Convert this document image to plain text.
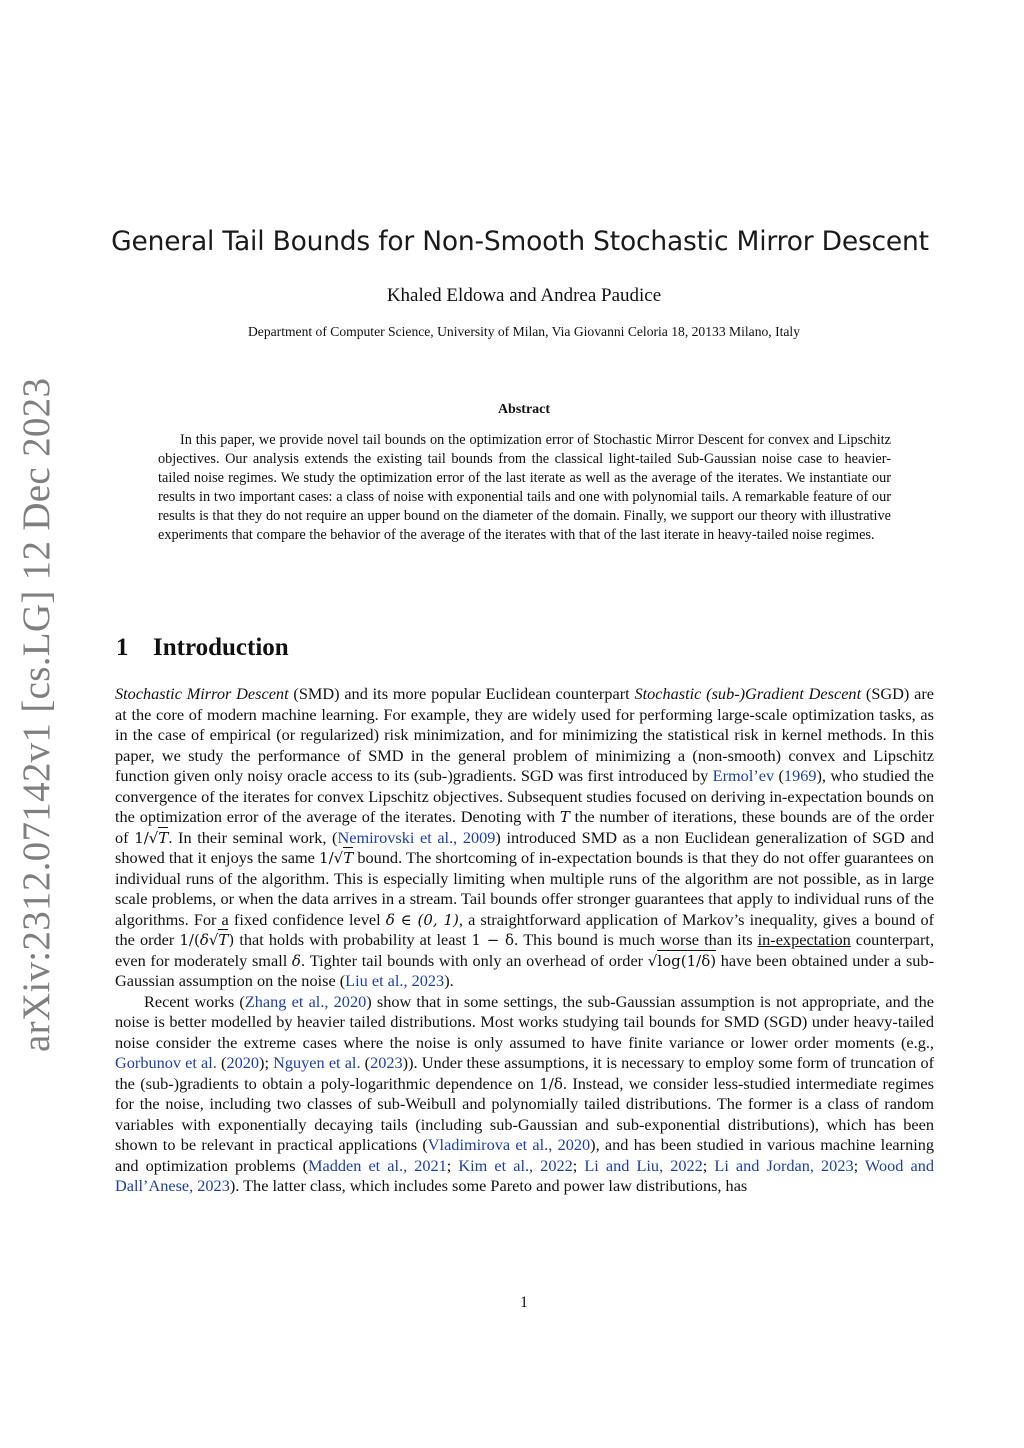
arXiv:2312.07142v1 [cs.LG] 12 Dec 2023
General Tail Bounds for Non-Smooth Stochastic Mirror Descent
Khaled Eldowa and Andrea Paudice
Department of Computer Science, University of Milan, Via Giovanni Celoria 18, 20133 Milano, Italy
Abstract

In this paper, we provide novel tail bounds on the optimization error of Stochastic Mirror Descent for convex and Lipschitz objectives. Our analysis extends the existing tail bounds from the classical light-tailed Sub-Gaussian noise case to heavier-tailed noise regimes. We study the optimization error of the last iterate as well as the average of the iterates. We instantiate our results in two important cases: a class of noise with exponential tails and one with polynomial tails. A remarkable feature of our results is that they do not require an upper bound on the diameter of the domain. Finally, we support our theory with illustrative experiments that compare the behavior of the average of the iterates with that of the last iterate in heavy-tailed noise regimes.

1 Introduction

Stochastic Mirror Descent (SMD) and its more popular Euclidean counterpart Stochastic (sub-)Gradient Descent (SGD) are at the core of modern machine learning. For example, they are widely used for performing large-scale optimization tasks, as in the case of empirical (or regularized) risk minimization, and for minimizing the statistical risk in kernel methods. In this paper, we study the performance of SMD in the general problem of minimizing a (non-smooth) convex and Lipschitz function given only noisy oracle access to its (sub-)gradients. SGD was first introduced by Ermol’ev (1969), who studied the convergence of the iterates for convex Lipschitz objectives. Subsequent studies focused on deriving in-expectation bounds on the optimization error of the average of the iterates. Denoting with T the number of iterations, these bounds are of the order of 1/√T. In their seminal work, (Nemirovski et al., 2009) introduced SMD as a non Euclidean generalization of SGD and showed that it enjoys the same 1/√T bound. The shortcoming of in-expectation bounds is that they do not offer guarantees on individual runs of the algorithm. This is especially limiting when multiple runs of the algorithm are not possible, as in large scale problems, or when the data arrives in a stream. Tail bounds offer stronger guarantees that apply to individual runs of the algorithms. For a fixed confidence level δ ∈ (0, 1), a straightforward application of Markov’s inequality, gives a bound of the order 1/(δ√T) that holds with probability at least 1 − δ. This bound is much worse than its in-expectation counterpart, even for moderately small δ. Tighter tail bounds with only an overhead of order √log(1/δ) have been obtained under a sub-Gaussian assumption on the noise (Liu et al., 2023).

Recent works (Zhang et al., 2020) show that in some settings, the sub-Gaussian assumption is not appropriate, and the noise is better modelled by heavier tailed distributions. Most works studying tail bounds for SMD (SGD) under heavy-tailed noise consider the extreme cases where the noise is only assumed to have finite variance or lower order moments (e.g., Gorbunov et al. (2020); Nguyen et al. (2023)). Under these assumptions, it is necessary to employ some form of truncation of the (sub-)gradients to obtain a poly-logarithmic dependence on 1/δ. Instead, we consider less-studied intermediate regimes for the noise, including two classes of sub-Weibull and polynomially tailed distributions. The former is a class of random variables with exponentially decaying tails (including sub-Gaussian and sub-exponential distributions), which has been shown to be relevant in practical applications (Vladimirova et al., 2020), and has been studied in various machine learning and optimization problems (Madden et al., 2021; Kim et al., 2022; Li and Liu, 2022; Li and Jordan, 2023; Wood and Dall’Anese, 2023). The latter class, which includes some Pareto and power law distributions, has

1
